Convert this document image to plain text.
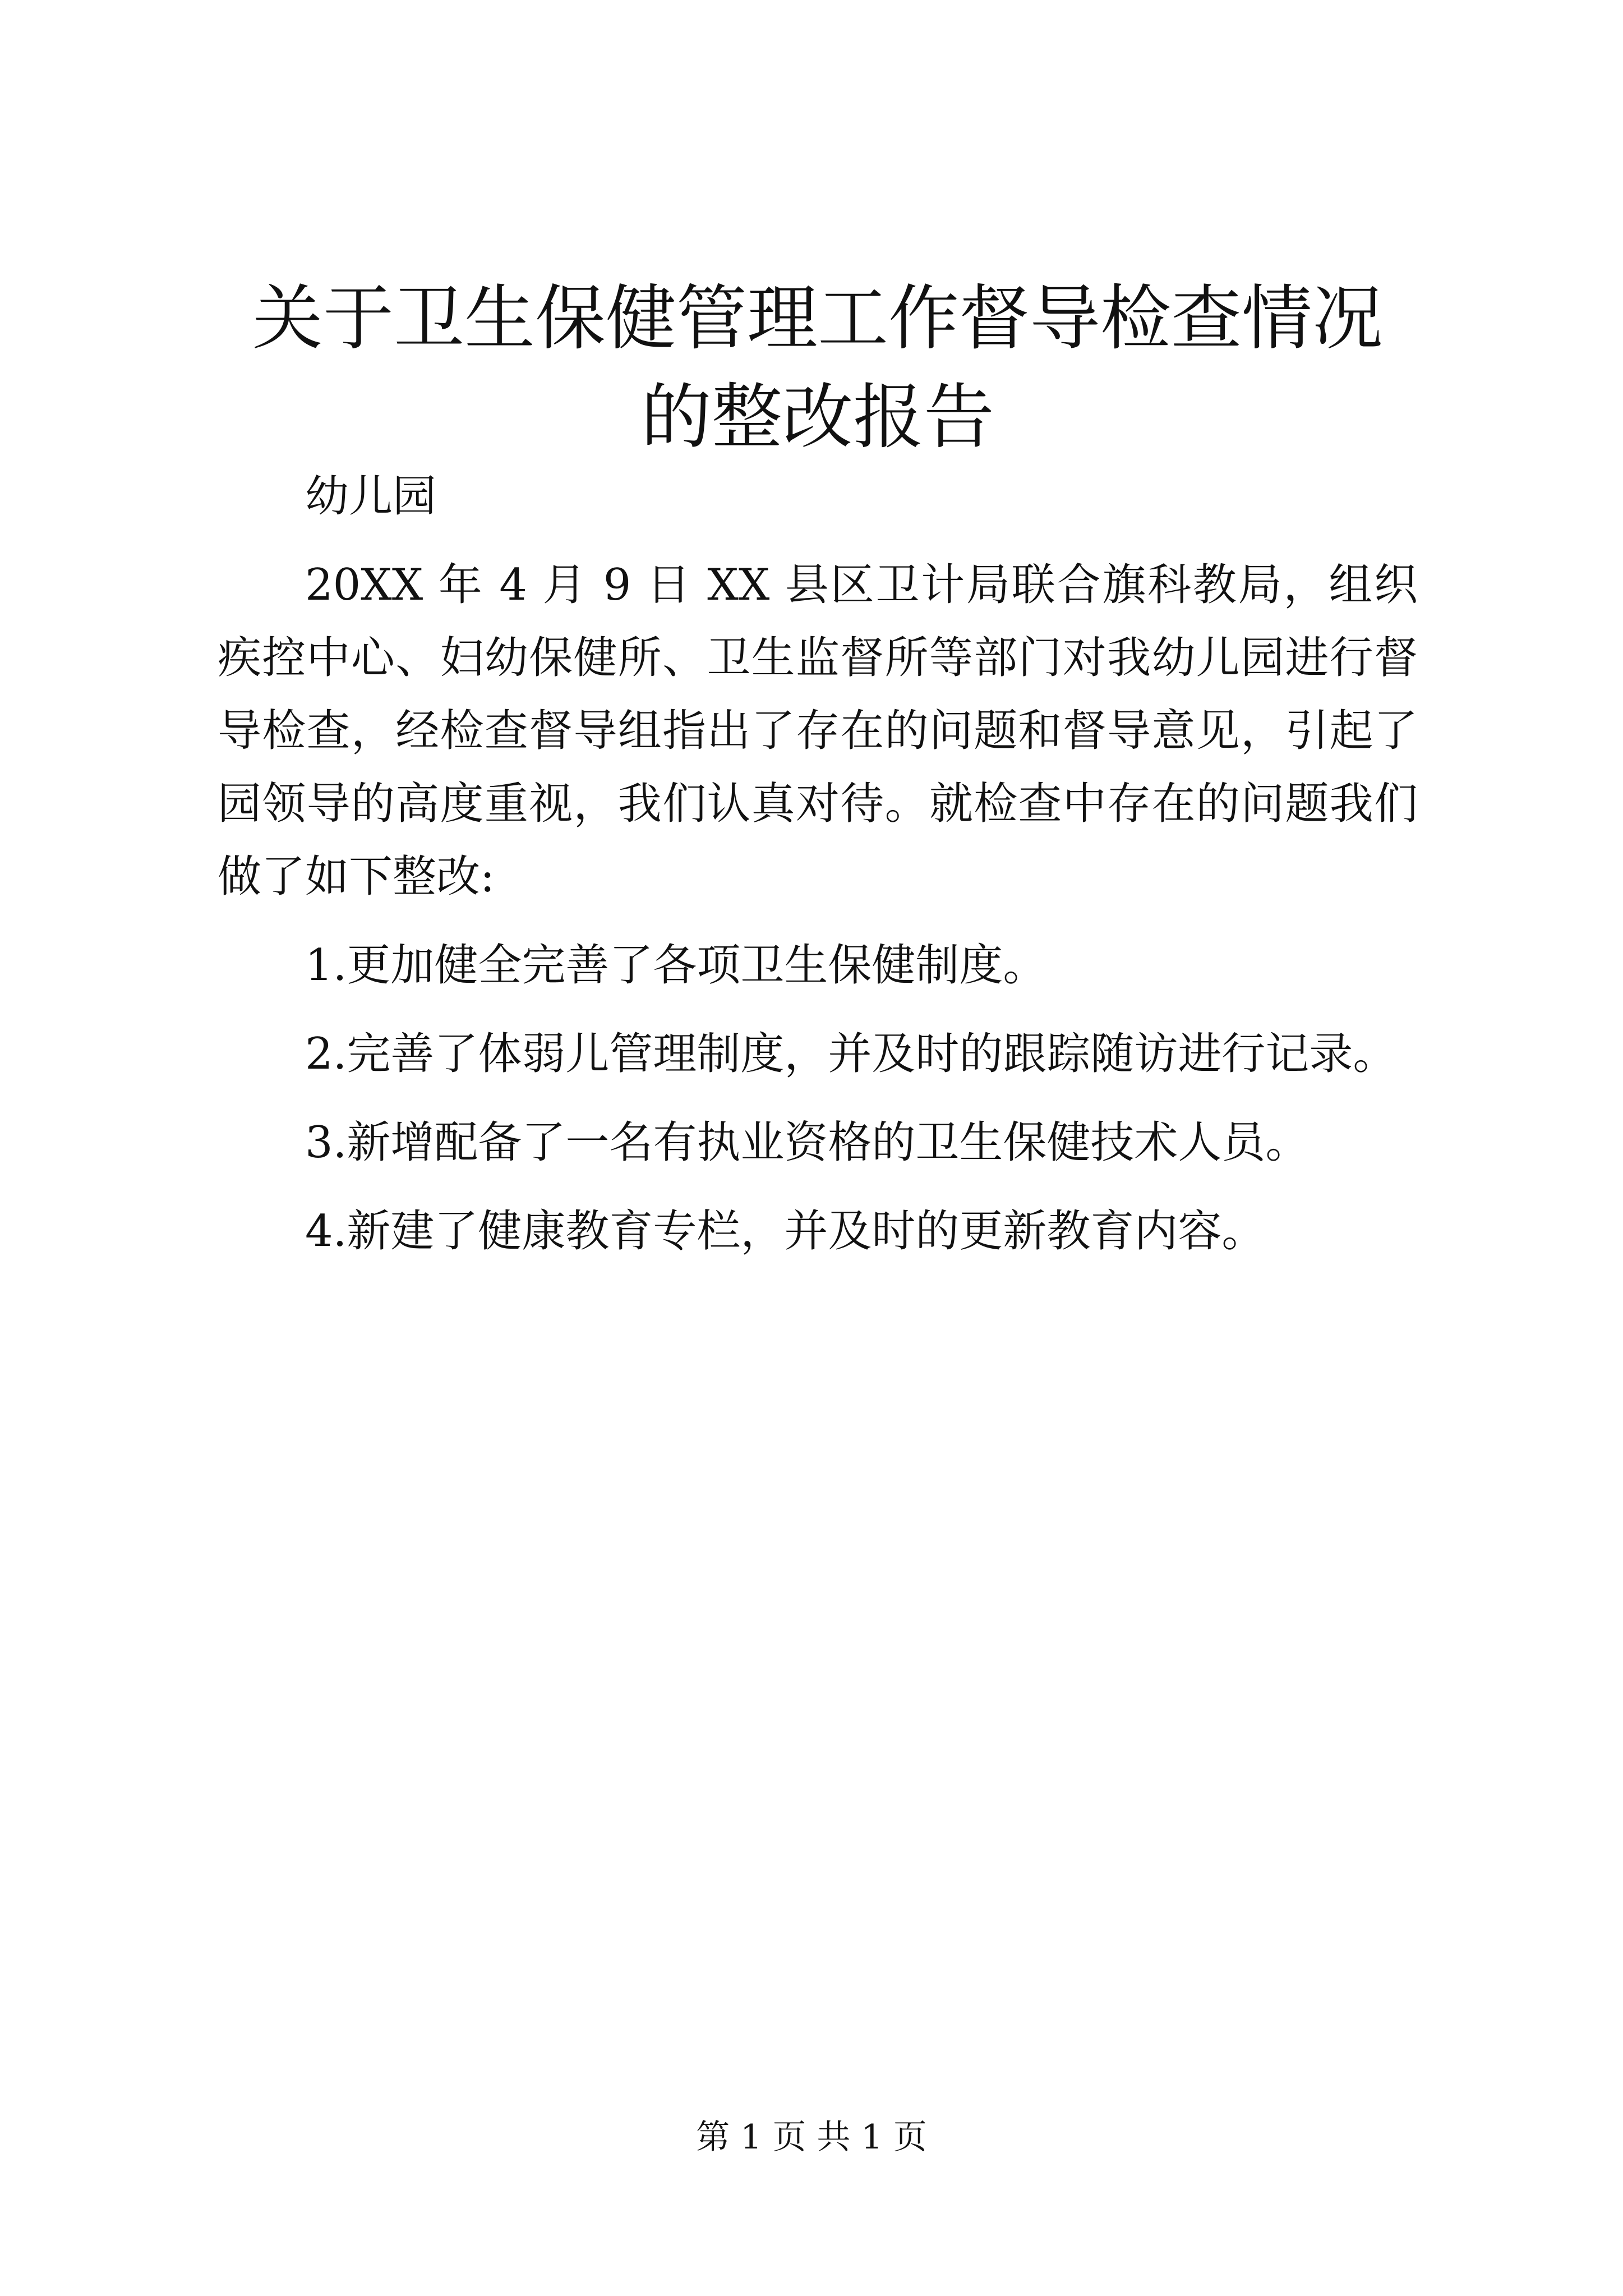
关于卫生保健管理工作督导检查情况的整改报告

幼儿园

20XX 年 4 月 9 日 XX 县区卫计局联合旗科教局，组织疾控中心、妇幼保健所、卫生监督所等部门对我幼儿园进行督导检查，经检查督导组指出了存在的问题和督导意见，引起了园领导的高度重视，我们认真对待。就检查中存在的问题我们做了如下整改:

1.更加健全完善了各项卫生保健制度。

2.完善了体弱儿管理制度，并及时的跟踪随访进行记录。

3.新增配备了一名有执业资格的卫生保健技术人员。

4.新建了健康教育专栏，并及时的更新教育内容。

第 1 页 共 1 页
